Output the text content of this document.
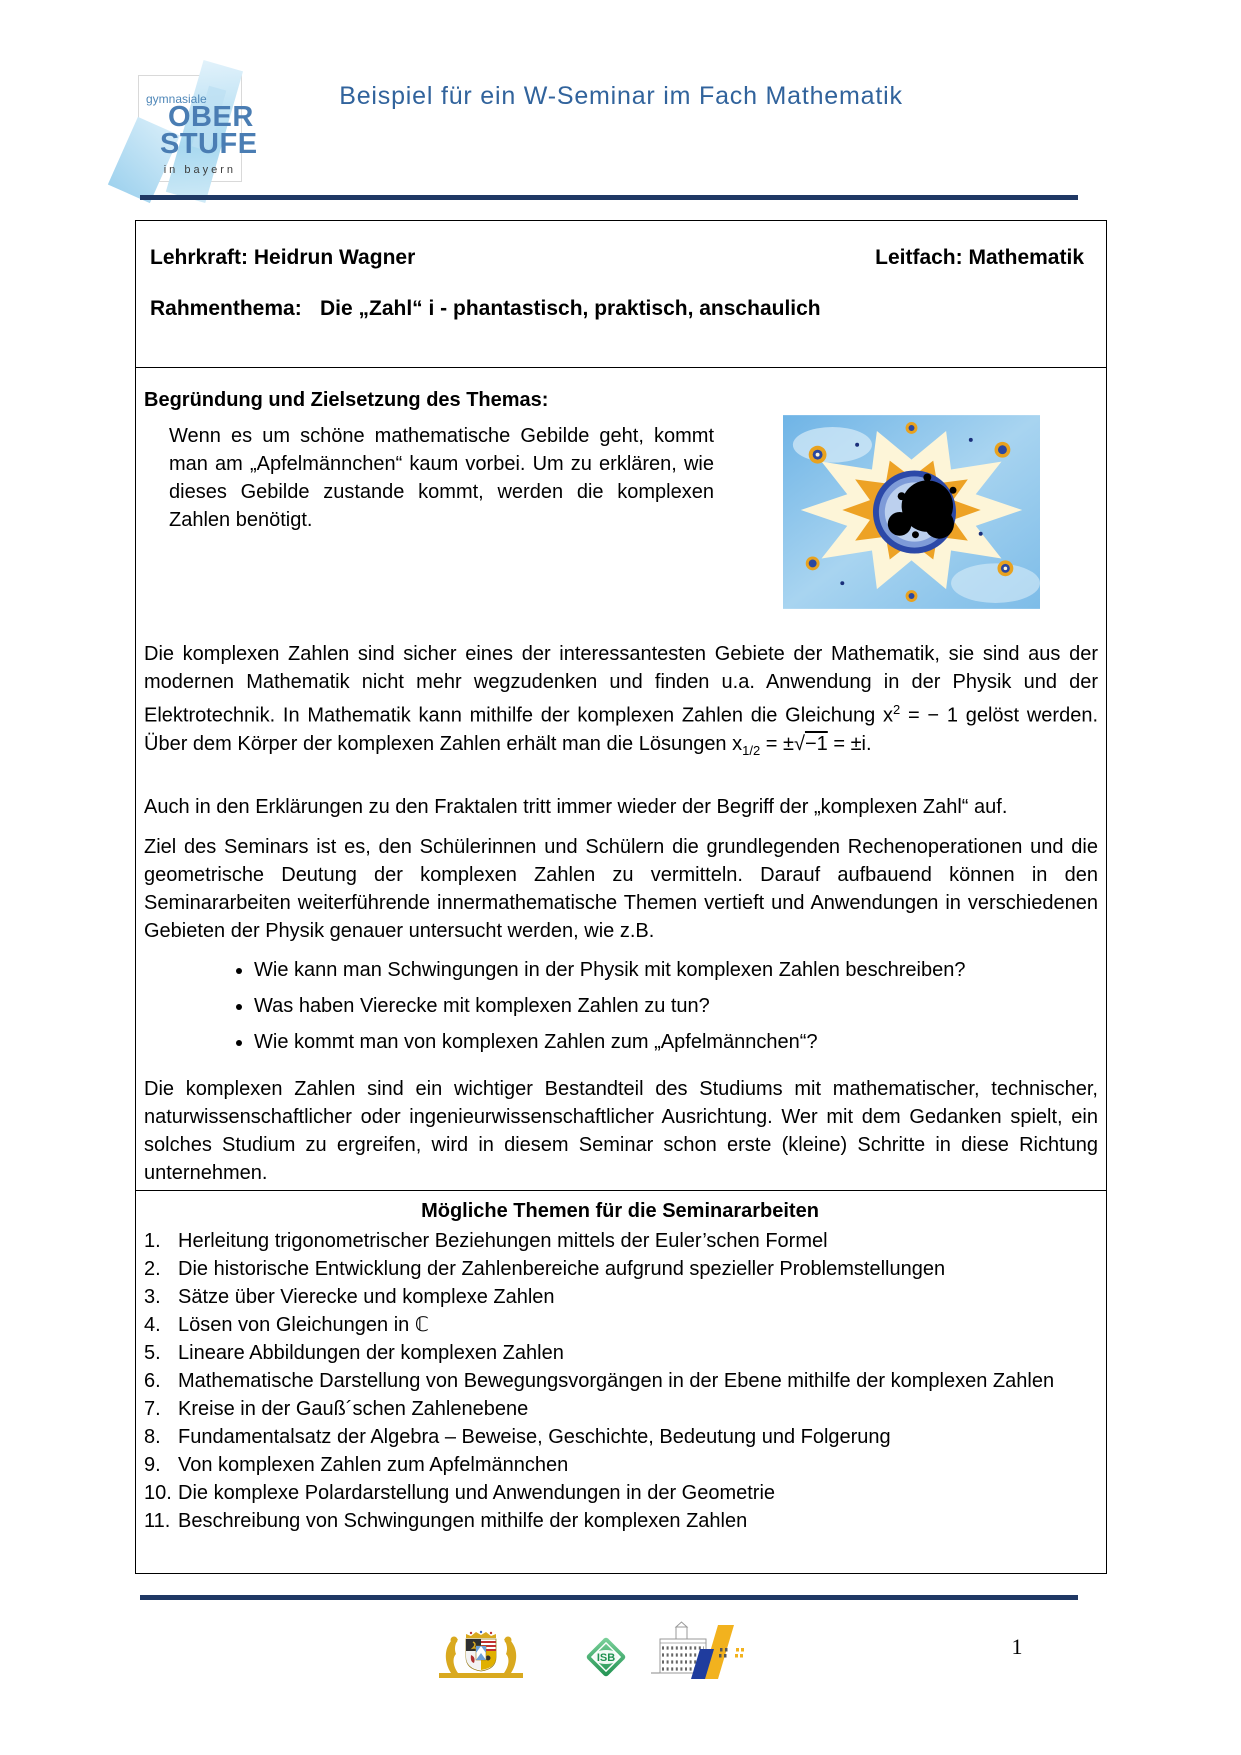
gymnasiale
OBER
STUFE
in bayern
Beispiel für ein W-Seminar im Fach Mathematik
Lehrkraft: Heidrun Wagner	Leitfach: Mathematik
Rahmenthema: Die „Zahl“ i - phantastisch, praktisch, anschaulich

Begründung und Zielsetzung des Themas:

Wenn es um schöne mathematische Gebilde geht, kommt man am „Apfelmännchen“ kaum vorbei. Um zu erklären, wie dieses Gebilde zustande kommt, werden die komplexen Zahlen benötigt.

Die komplexen Zahlen sind sicher eines der interessantesten Gebiete der Mathematik, sie sind aus der modernen Mathematik nicht mehr wegzudenken und finden u.a. Anwendung in der Physik und der Elektrotechnik. In Mathematik kann mithilfe der komplexen Zahlen die Gleichung $x^2$ = − 1 gelöst werden. Über dem Körper der komplexen Zahlen erhält man die Lösungen $x_{1/2} = \pm√-1 = \pm i$.

Auch in den Erklärungen zu den Fraktalen tritt immer wieder der Begriff der „komplexen Zahl“ auf.

Ziel des Seminars ist es, den Schülerinnen und Schülern die grundlegenden Rechenoperationen und die geometrische Deutung der komplexen Zahlen zu vermitteln. Darauf aufbauend können in den Seminararbeiten weiterführende innermathematische Themen vertieft und Anwendungen in verschiedenen Gebieten der Physik genauer untersucht werden, wie z.B.

• Wie kann man Schwingungen in der Physik mit komplexen Zahlen beschreiben?
• Was haben Vierecke mit komplexen Zahlen zu tun?
• Wie kommt man von komplexen Zahlen zum „Apfelmännchen“?

Die komplexen Zahlen sind ein wichtiger Bestandteil des Studiums mit mathematischer, technischer, naturwissenschaftlicher oder ingenieurwissenschaftlicher Ausrichtung. Wer mit dem Gedanken spielt, ein solches Studium zu ergreifen, wird in diesem Seminar schon erste (kleine) Schritte in diese Richtung unternehmen.

Mögliche Themen für die Seminararbeiten

Herleitung trigonometrischer Beziehungen mittels der Euler’schen Formel
Die historische Entwicklung der Zahlenbereiche aufgrund spezieller Problemstellungen
Sätze über Vierecke und komplexe Zahlen
Lösen von Gleichungen in ℂ
Lineare Abbildungen der komplexen Zahlen
Mathematische Darstellung von Bewegungsvorgängen in der Ebene mithilfe der komplexen Zahlen
Kreise in der Gauß´schen Zahlenebene
Fundamentalsatz der Algebra – Beweise, Geschichte, Bedeutung und Folgerung
Von komplexen Zahlen zum Apfelmännchen
Die komplexe Polardarstellung und Anwendungen in der Geometrie
Beschreibung von Schwingungen mithilfe der komplexen Zahlen
ISB	1
